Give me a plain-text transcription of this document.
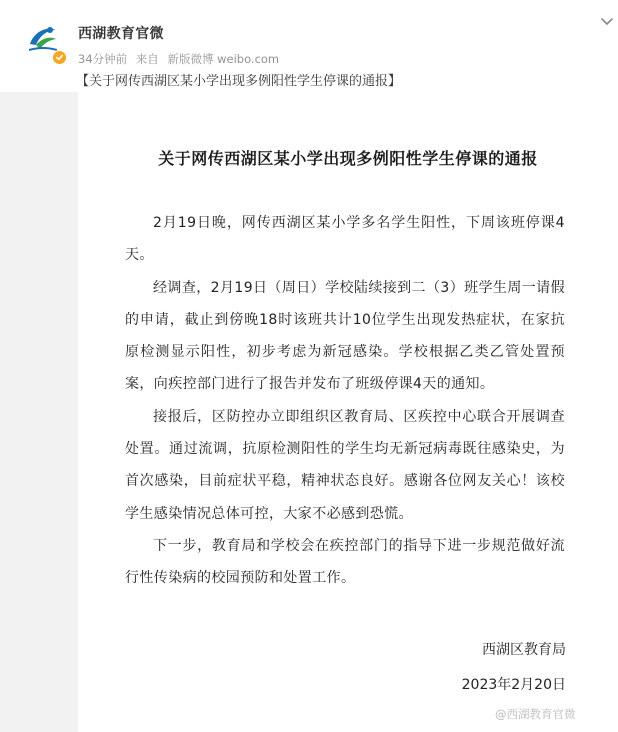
西湖教育官微
34分钟前 来自 新版微博 weibo.com
【关于网传西湖区某小学出现多例阳性学生停课的通报】
关于网传西湖区某小学出现多例阳性学生停课的通报

2月19日晚，网传西湖区某小学多名学生阳性，下周该班停课4天。

经调查，2月19日（周日）学校陆续接到二（3）班学生周一请假的申请，截止到傍晚18时该班共计10位学生出现发热症状，在家抗原检测显示阳性，初步考虑为新冠感染。学校根据乙类乙管处置预案，向疾控部门进行了报告并发布了班级停课4天的通知。

接报后，区防控办立即组织区教育局、区疾控中心联合开展调查处置。通过流调，抗原检测阳性的学生均无新冠病毒既往感染史，为首次感染，目前症状平稳，精神状态良好。感谢各位网友关心！该校学生感染情况总体可控，大家不必感到恐慌。

下一步，教育局和学校会在疾控部门的指导下进一步规范做好流行性传染病的校园预防和处置工作。

西湖区教育局
2023年2月20日
@西湖教育官微
